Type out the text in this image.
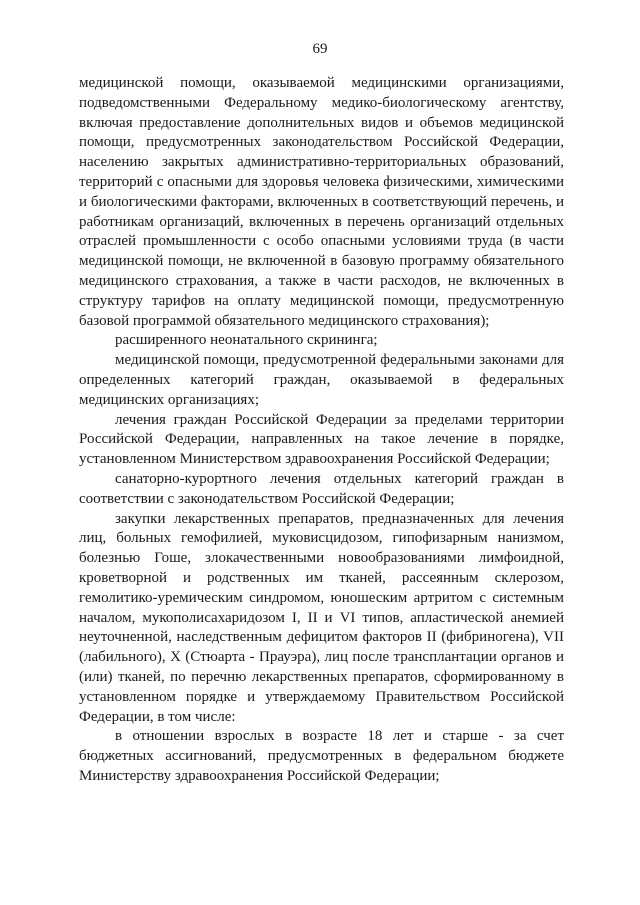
69

медицинской помощи, оказываемой медицинскими организациями, подведомственными Федеральному медико-биологическому агентству, включая предоставление дополнительных видов и объемов медицинской помощи, предусмотренных законодательством Российской Федерации, населению закрытых административно-территориальных образований, территорий с опасными для здоровья человека физическими, химическими и биологическими факторами, включенных в соответствующий перечень, и работникам организаций, включенных в перечень организаций отдельных отраслей промышленности с особо опасными условиями труда (в части медицинской помощи, не включенной в базовую программу обязательного медицинского страхования, а также в части расходов, не включенных в структуру тарифов на оплату медицинской помощи, предусмотренную базовой программой обязательного медицинского страхования);

расширенного неонатального скрининга;

медицинской помощи, предусмотренной федеральными законами для определенных категорий граждан, оказываемой в федеральных медицинских организациях;

лечения граждан Российской Федерации за пределами территории Российской Федерации, направленных на такое лечение в порядке, установленном Министерством здравоохранения Российской Федерации;

санаторно-курортного лечения отдельных категорий граждан в соответствии с законодательством Российской Федерации;

закупки лекарственных препаратов, предназначенных для лечения лиц, больных гемофилией, муковисцидозом, гипофизарным нанизмом, болезнью Гоше, злокачественными новообразованиями лимфоидной, кроветворной и родственных им тканей, рассеянным склерозом, гемолитико-уремическим синдромом, юношеским артритом с системным началом, мукополисахаридозом I, II и VI типов, апластической анемией неуточненной, наследственным дефицитом факторов II (фибриногена), VII (лабильного), X (Стюарта - Прауэра), лиц после трансплантации органов и (или) тканей, по перечню лекарственных препаратов, сформированному в установленном порядке и утверждаемому Правительством Российской Федерации, в том числе:

в отношении взрослых в возрасте 18 лет и старше - за счет бюджетных ассигнований, предусмотренных в федеральном бюджете Министерству здравоохранения Российской Федерации;
